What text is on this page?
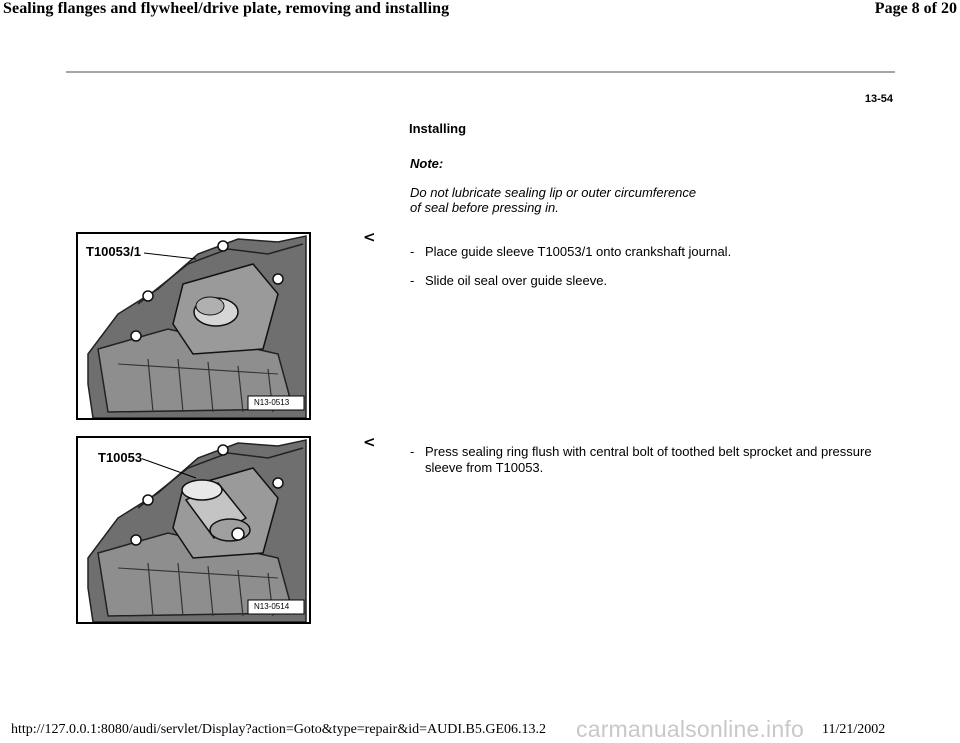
Sealing flanges and flywheel/drive plate, removing and installing	Page 8 of 20
13-54
Installing
Note:
Do not lubricate sealing lip or outer circumference of seal before pressing in.
T10053/1
N13-0513
<
- Place guide sleeve T10053/1 onto crankshaft journal.
- Slide oil seal over guide sleeve.
T10053
N13-0514
<
- Press sealing ring flush with central bolt of toothed belt sprocket and pressure sleeve from T10053.
carmanualsonline.info
http://127.0.0.1:8080/audi/servlet/Display?action=Goto&type=repair&id=AUDI.B5.GE06.13.2	11/21/2002
